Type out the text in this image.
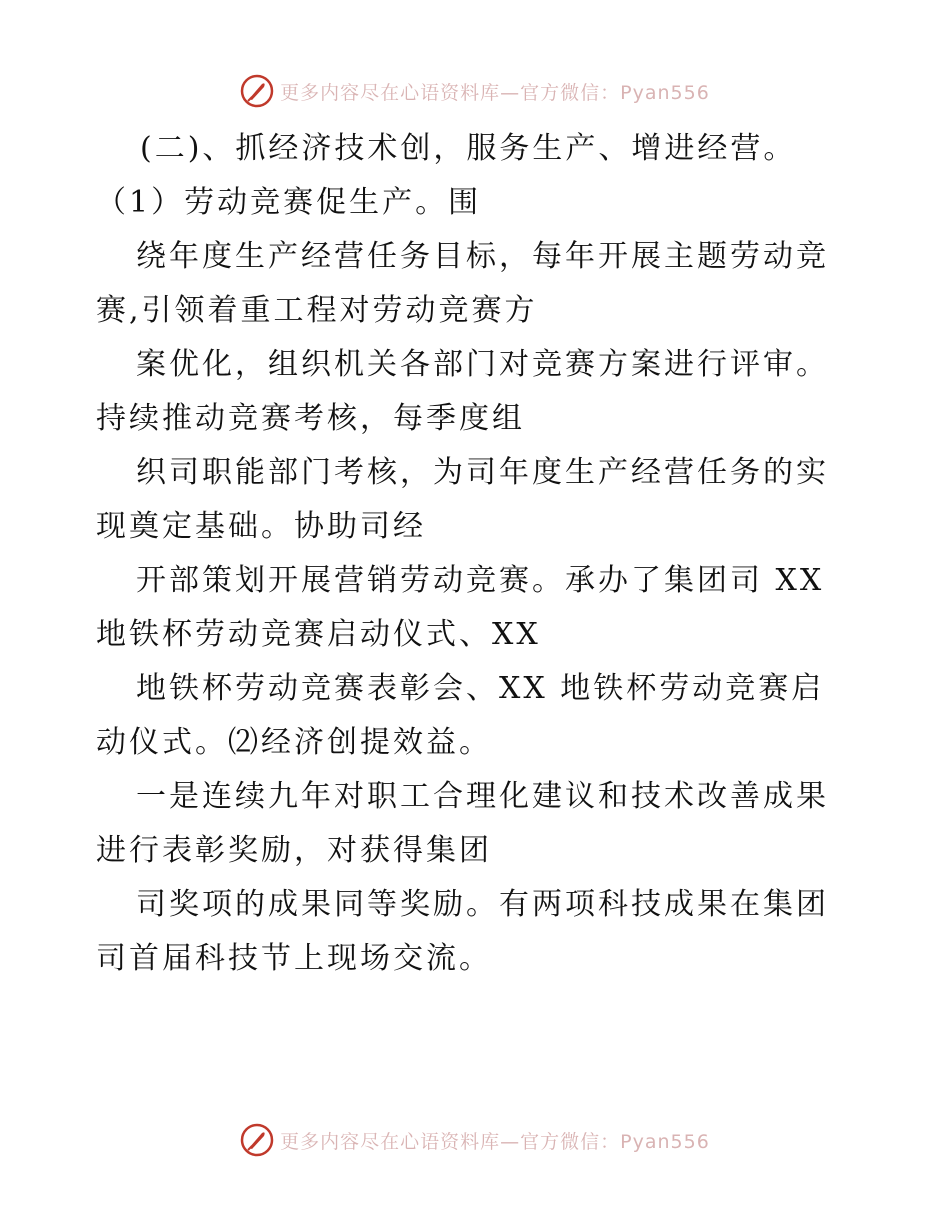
更多内容尽在心语资料库—官方微信：Pyan556
(二)、抓经济技术创，服务生产、增进经营。
（1）劳动竞赛促生产。围
绕年度生产经营任务目标，每年开展主题劳动竞
赛,引领着重工程对劳动竞赛方
案优化，组织机关各部门对竞赛方案进行评审。
持续推动竞赛考核，每季度组
织司职能部门考核，为司年度生产经营任务的实
现奠定基础。协助司经
开部策划开展营销劳动竞赛。承办了集团司 XX
地铁杯劳动竞赛启动仪式、XX
地铁杯劳动竞赛表彰会、XX 地铁杯劳动竞赛启
动仪式。⑵经济创提效益。
一是连续九年对职工合理化建议和技术改善成果
进行表彰奖励，对获得集团
司奖项的成果同等奖励。有两项科技成果在集团
司首届科技节上现场交流。
更多内容尽在心语资料库—官方微信：Pyan556
